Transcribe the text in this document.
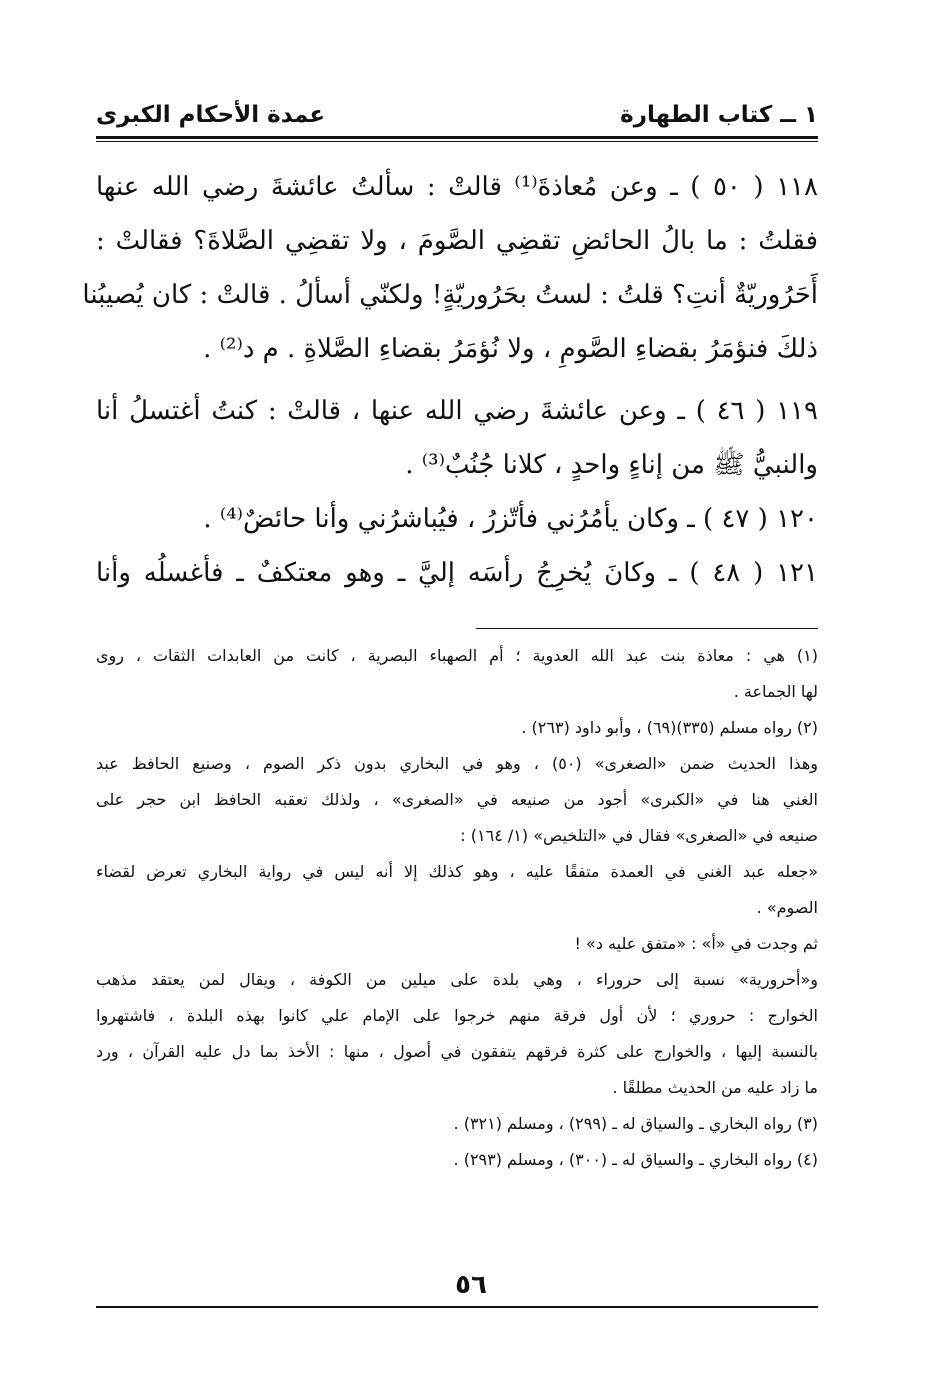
١ ــ كتاب الطهارة
عمدة الأحكام الكبرى
١١٨ ( ٥٠ ) ـ وعن مُعاذةَ⁽¹⁾ قالتْ : سألتُ عائشةَ رضي الله عنها
فقلتُ : ما بالُ الحائضِ تقضِي الصَّومَ ، ولا تقضِي الصَّلاةَ؟ فقالتْ :
أَحَرُوريّةٌ أنتِ؟ قلتُ : لستُ بحَرُوريّةٍ! ولكنّي أسألُ . قالتْ : كان يُصيبُنا
ذلكَ فنؤمَرُ بقضاءِ الصَّومِ ، ولا نُؤمَرُ بقضاءِ الصَّلاةِ . م د⁽²⁾ .
١١٩ ( ٤٦ ) ـ وعن عائشةَ رضي الله عنها ، قالتْ : كنتُ أغتسلُ أنا
والنبيُّ ﷺ من إناءٍ واحدٍ ، كلانا جُنُبٌ⁽³⁾ .
١٢٠ ( ٤٧ ) ـ وكان يأمُرُني فأتّزرُ ، فيُباشرُني وأنا حائضٌ⁽⁴⁾ .
١٢١ ( ٤٨ ) ـ وكانَ يُخرِجُ رأسَه إليَّ ـ وهو معتكفٌ ـ فأغسلُه وأنا
(١) هي : معاذة بنت عبد الله العدوية ؛ أم الصهباء البصرية ، كانت من العابدات الثقات ، روى
لها الجماعة .
(٢) رواه مسلم (٣٣٥)(٦٩) ، وأبو داود (٢٦٣) .
وهذا الحديث ضمن «الصغرى» (٥٠) ، وهو في البخاري بدون ذكر الصوم ، وصنيع الحافظ عبد
الغني هنا في «الكبرى» أجود من صنيعه في «الصغرى» ، ولذلك تعقبه الحافظ ابن حجر على
صنيعه في «الصغرى» فقال في «التلخيص» (١/ ١٦٤) :
«جعله عبد الغني في العمدة متفقًا عليه ، وهو كذلك إلا أنه ليس في رواية البخاري تعرض لقضاء
الصوم» .
ثم وجدت في «أ» : «متفق عليه د» !
و«أحرورية» نسبة إلى حروراء ، وهي بلدة على ميلين من الكوفة ، ويقال لمن يعتقد مذهب
الخوارج : حروري ؛ لأن أول فرقة منهم خرجوا على الإمام علي كانوا بهذه البلدة ، فاشتهروا
بالنسبة إليها ، والخوارج على كثرة فرقهم يتفقون في أصول ، منها : الأخذ بما دل عليه القرآن ، ورد
ما زاد عليه من الحديث مطلقًا .
(٣) رواه البخاري ـ والسياق له ـ (٢٩٩) ، ومسلم (٣٢١) .
(٤) رواه البخاري ـ والسياق له ـ (٣٠٠) ، ومسلم (٢٩٣) .
٥٦
